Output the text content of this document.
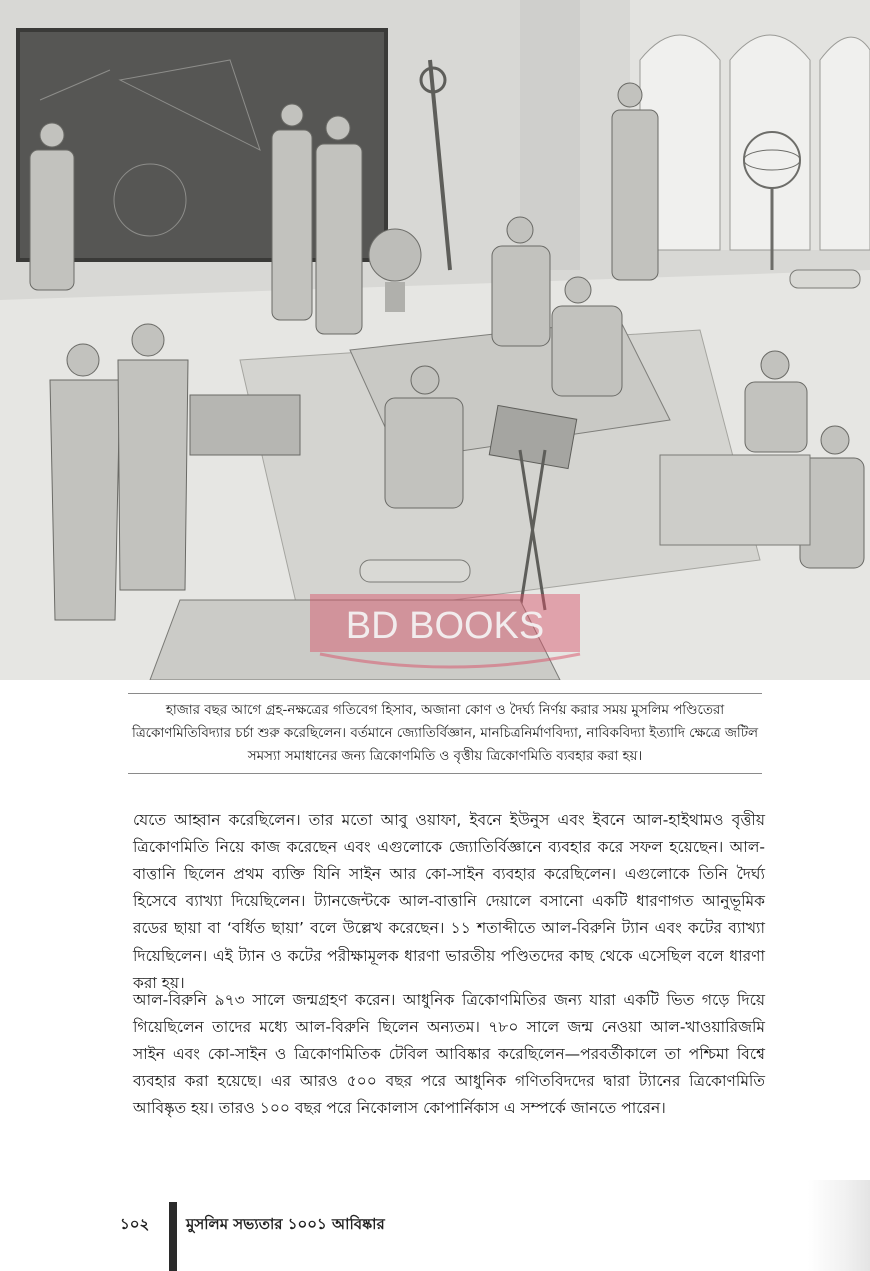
BD BOOKS
হাজার বছর আগে গ্রহ-নক্ষত্রের গতিবেগ হিসাব, অজানা কোণ ও দৈর্ঘ্য নির্ণয় করার সময় মুসলিম পণ্ডিতেরা ত্রিকোণমিতিবিদ্যার চর্চা শুরু করেছিলেন। বর্তমানে জ্যোতির্বিজ্ঞান, মানচিত্রনির্মাণবিদ্যা, নাবিকবিদ্যা ইত্যাদি ক্ষেত্রে জটিল সমস্যা সমাধানের জন্য ত্রিকোণমিতি ও বৃত্তীয় ত্রিকোণমিতি ব্যবহার করা হয়।

যেতে আহ্বান করেছিলেন। তার মতো আবু ওয়াফা, ইবনে ইউনুস এবং ইবনে আল-হাইথামও বৃত্তীয় ত্রিকোণমিতি নিয়ে কাজ করেছেন এবং এগুলোকে জ্যোতির্বিজ্ঞানে ব্যবহার করে সফল হয়েছেন। আল-বাত্তানি ছিলেন প্রথম ব্যক্তি যিনি সাইন আর কো-সাইন ব্যবহার করেছিলেন। এগুলোকে তিনি দৈর্ঘ্য হিসেবে ব্যাখ্যা দিয়েছিলেন। ট্যানজেন্টকে আল-বাত্তানি দেয়ালে বসানো একটি ধারণাগত আনুভূমিক রডের ছায়া বা ‘বর্ধিত ছায়া’ বলে উল্লেখ করেছেন। ১১ শতাব্দীতে আল-বিরুনি ট্যান এবং কটের ব্যাখ্যা দিয়েছিলেন। এই ট্যান ও কটের পরীক্ষামূলক ধারণা ভারতীয় পণ্ডিতদের কাছ থেকে এসেছিল বলে ধারণা করা হয়।

আল-বিরুনি ৯৭৩ সালে জন্মগ্রহণ করেন। আধুনিক ত্রিকোণমিতির জন্য যারা একটি ভিত গড়ে দিয়ে গিয়েছিলেন তাদের মধ্যে আল-বিরুনি ছিলেন অন্যতম। ৭৮০ সালে জন্ম নেওয়া আল-খাওয়ারিজমি সাইন এবং কো-সাইন ও ত্রিকোণমিতিক টেবিল আবিষ্কার করেছিলেন—পরবর্তীকালে তা পশ্চিমা বিশ্বে ব্যবহার করা হয়েছে। এর আরও ৫০০ বছর পরে আধুনিক গণিতবিদদের দ্বারা ট্যানের ত্রিকোণমিতি আবিষ্কৃত হয়। তারও ১০০ বছর পরে নিকোলাস কোপার্নিকাস এ সম্পর্কে জানতে পারেন।

১০২ মুসলিম সভ্যতার ১০০১ আবিষ্কার
